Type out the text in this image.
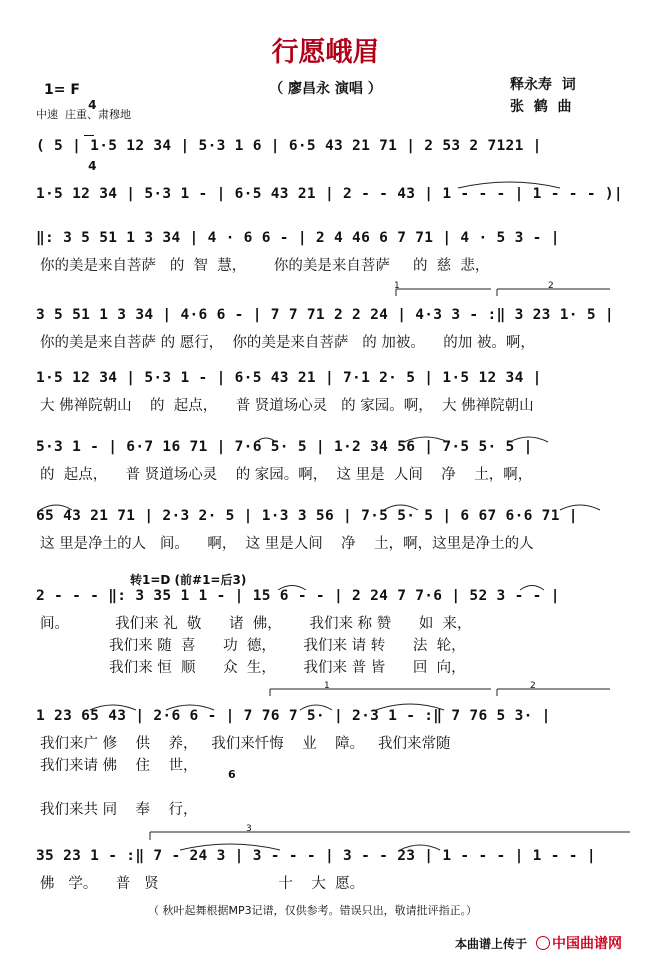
行愿峨眉
（ 廖昌永 演唱 ）	释永寿  词
张  鹤  曲
1= F

4

4

中速  庄重、肃穆地
( 5 | 1·5 12 34 | 5·3 1 6 | 6·5 43 21 71 | 2 53 2 7121 |
1·5 12 34 | 5·3 1 - | 6·5 43 21 | 2 - - 43 | 1 - - - | 1 - - - )|
‖: 3 5 51 1 3 34 | 4 · 6 6 - | 2 4 46 6 7 71 | 4 · 5 3 - |
你的美是来自菩萨   的  智  慧，      你的美是来自菩萨     的  慈  悲，
3 5 51 1 3 34 | 4·6 6 - | 7 7 71 2 2 24 | 4·3 3 - :‖ 3 23 1· 5 |
你的美是来自菩萨 的 愿行，  你的美是来自菩萨   的 加被。    的加 被。啊，
1·5 12 34 | 5·3 1 - | 6·5 43 21 | 7·1 2· 5 | 1·5 12 34 |
大 佛禅院朝山    的  起点，    普 贤道场心灵   的 家园。啊，  大 佛禅院朝山
5·3 1 - | 6·7 16 71 | 7·6 5· 5 | 1·2 34 56 | 7·5 5· 5 |
的  起点，    普 贤道场心灵    的 家园。啊，  这 里是  人间    净    土，啊，
65 43 21 71 | 2·3 2· 5 | 1·3 3 56 | 7·5 5· 5 | 6 67 6·6 71 |
这 里是净土的人   间。    啊，  这 里是人间    净    土，啊，这里是净土的人
2 - - - ‖: 3 35 1 1 - | 15 6 - - | 2 24 7 7·6 | 52 3 - - |
间。          我们来 礼  敬      诸  佛，      我们来 称 赞      如  来，
我们来 随  喜      功  德，      我们来 请 转      法  轮，
我们来 恒  顺      众  生，      我们来 普 皆      回  向，
1 23 65 43 | 2·6 6 - | 7 76 7 5· | 2·3 1 - :‖ 7 76 5 3· |
我们来广 修    供    养，   我们来忏悔    业    障。   我们来常随
我们来请 佛    住    世，
6
我们来共 同    奉    行，
35 23 1 - :‖ 7 - 24 3 | 3 - - - | 3 - - 23 | 1 - - - | 1 - - |
佛   学。    普   贤                          十    大  愿。
转1=D (前#1=后3)
1	2
1	2
3
（ 秋叶起舞根据MP3记谱，仅供参考。错误只出，敬请批评指正。）
本曲谱上传于	中国曲谱网
